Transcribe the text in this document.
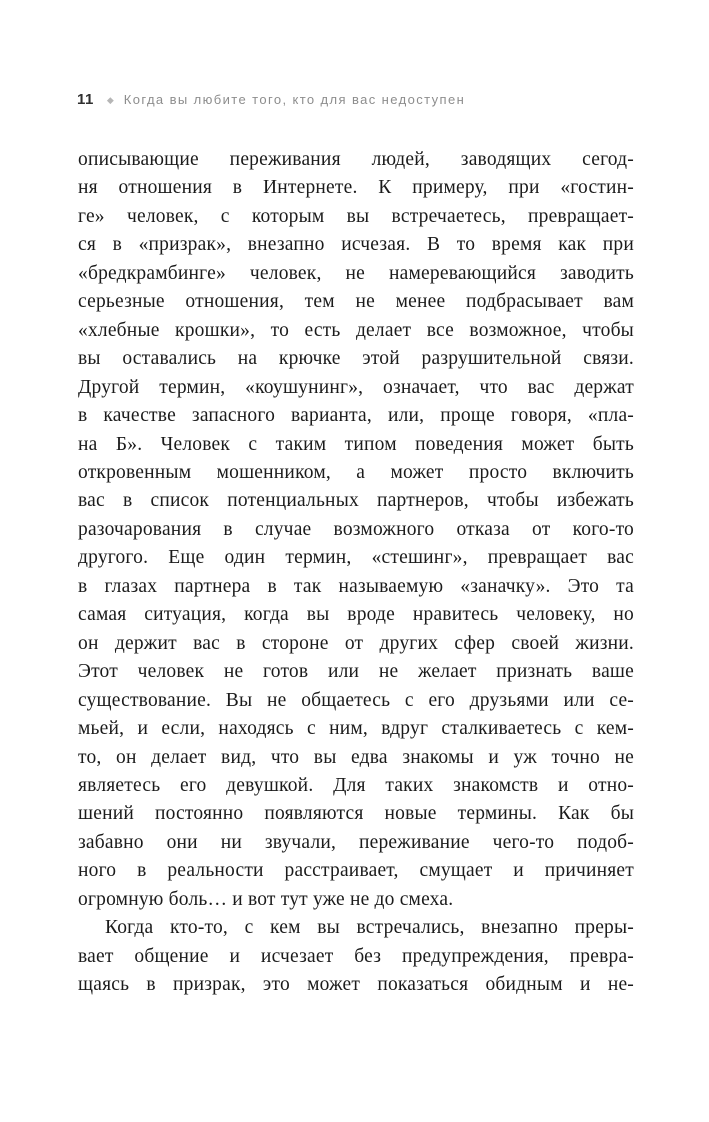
11 ◆ Когда вы любите того, кто для вас недоступен

описывающие переживания людей, заводящих сегод-
ня отношения в Интернете. К примеру, при «гостин-
ге» человек, с которым вы встречаетесь, превращает-
ся в «призрак», внезапно исчезая. В то время как при
«бредкрамбинге» человек, не намеревающийся заводить
серьезные отношения, тем не менее подбрасывает вам
«хлебные крошки», то есть делает все возможное, чтобы
вы оставались на крючке этой разрушительной связи.
Другой термин, «коушунинг», означает, что вас держат
в качестве запасного варианта, или, проще говоря, «пла-
на Б». Человек с таким типом поведения может быть
откровенным мошенником, а может просто включить
вас в список потенциальных партнеров, чтобы избежать
разочарования в случае возможного отказа от кого-то
другого. Еще один термин, «стешинг», превращает вас
в глазах партнера в так называемую «заначку». Это та
самая ситуация, когда вы вроде нравитесь человеку, но
он держит вас в стороне от других сфер своей жизни.
Этот человек не готов или не желает признать ваше
существование. Вы не общаетесь с его друзьями или се-
мьей, и если, находясь с ним, вдруг сталкиваетесь с кем-
то, он делает вид, что вы едва знакомы и уж точно не
являетесь его девушкой. Для таких знакомств и отно-
шений постоянно появляются новые термины. Как бы
забавно они ни звучали, переживание чего-то подоб-
ного в реальности расстраивает, смущает и причиняет
огромную боль… и вот тут уже не до смеха.

Когда кто-то, с кем вы встречались, внезапно преры-
вает общение и исчезает без предупреждения, превра-
щаясь в призрак, это может показаться обидным и не-
